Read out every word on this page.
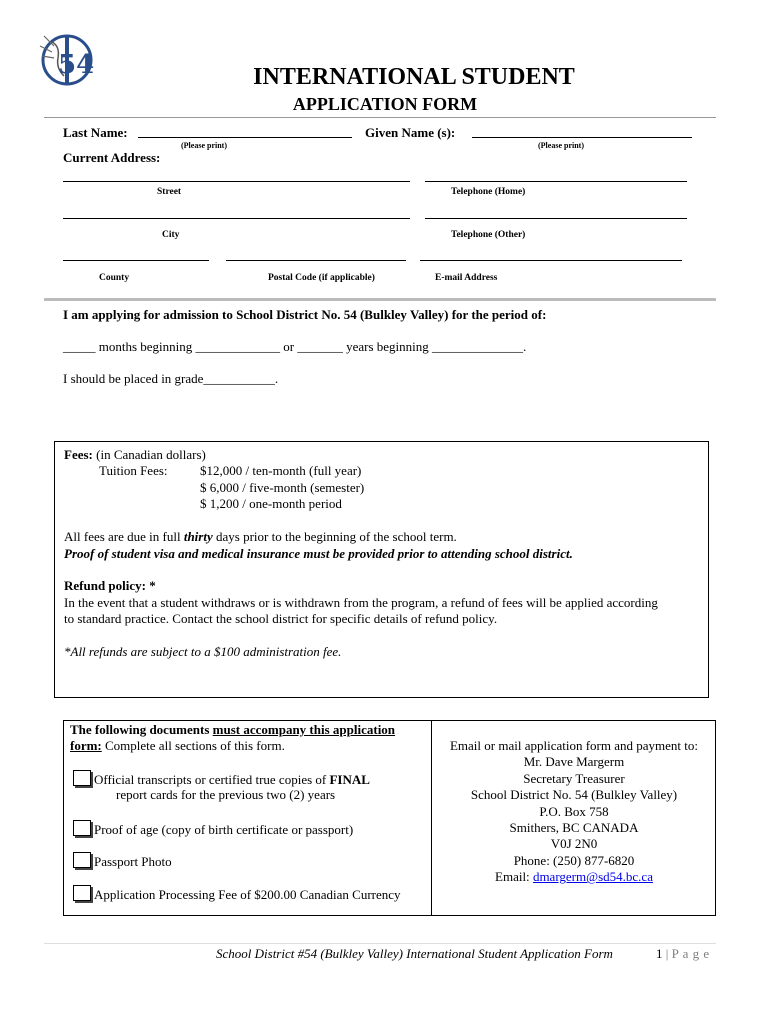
54	INTERNATIONAL STUDENT
APPLICATION FORM
Last Name:	Given Name (s):
(Please print)	(Please print)
Current Address:
Street	Telephone (Home)
City	Telephone (Other)
County	Postal Code (if applicable)	E-mail Address
I am applying for admission to School District No. 54 (Bulkley Valley) for the period of:
_____ months beginning _____________ or _______ years beginning ______________.
I should be placed in grade___________.
Fees: (in Canadian dollars)
Tuition Fees: $12,000 / ten-month (full year)
$ 6,000 / five-month (semester)
$ 1,200 / one-month period
All fees are due in full thirty days prior to the beginning of the school term.
Proof of student visa and medical insurance must be provided prior to attending school district.
Refund policy: *
In the event that a student withdraws or is withdrawn from the program, a refund of fees will be applied according
to standard practice. Contact the school district for specific details of refund policy.
*All refunds are subject to a $100 administration fee.
The following documents must accompany this application
form: Complete all sections of this form.
Official transcripts or certified true copies of FINAL
report cards for the previous two (2) years
Proof of age (copy of birth certificate or passport)
Passport Photo
Application Processing Fee of $200.00 Canadian Currency
Email or mail application form and payment to:
Mr. Dave Margerm
Secretary Treasurer
School District No. 54 (Bulkley Valley)
P.O. Box 758
Smithers, BC CANADA
V0J 2N0
Phone: (250) 877-6820
Email: dmargerm@sd54.bc.ca
School District #54 (Bulkley Valley) International Student Application Form	1 | P a g e
